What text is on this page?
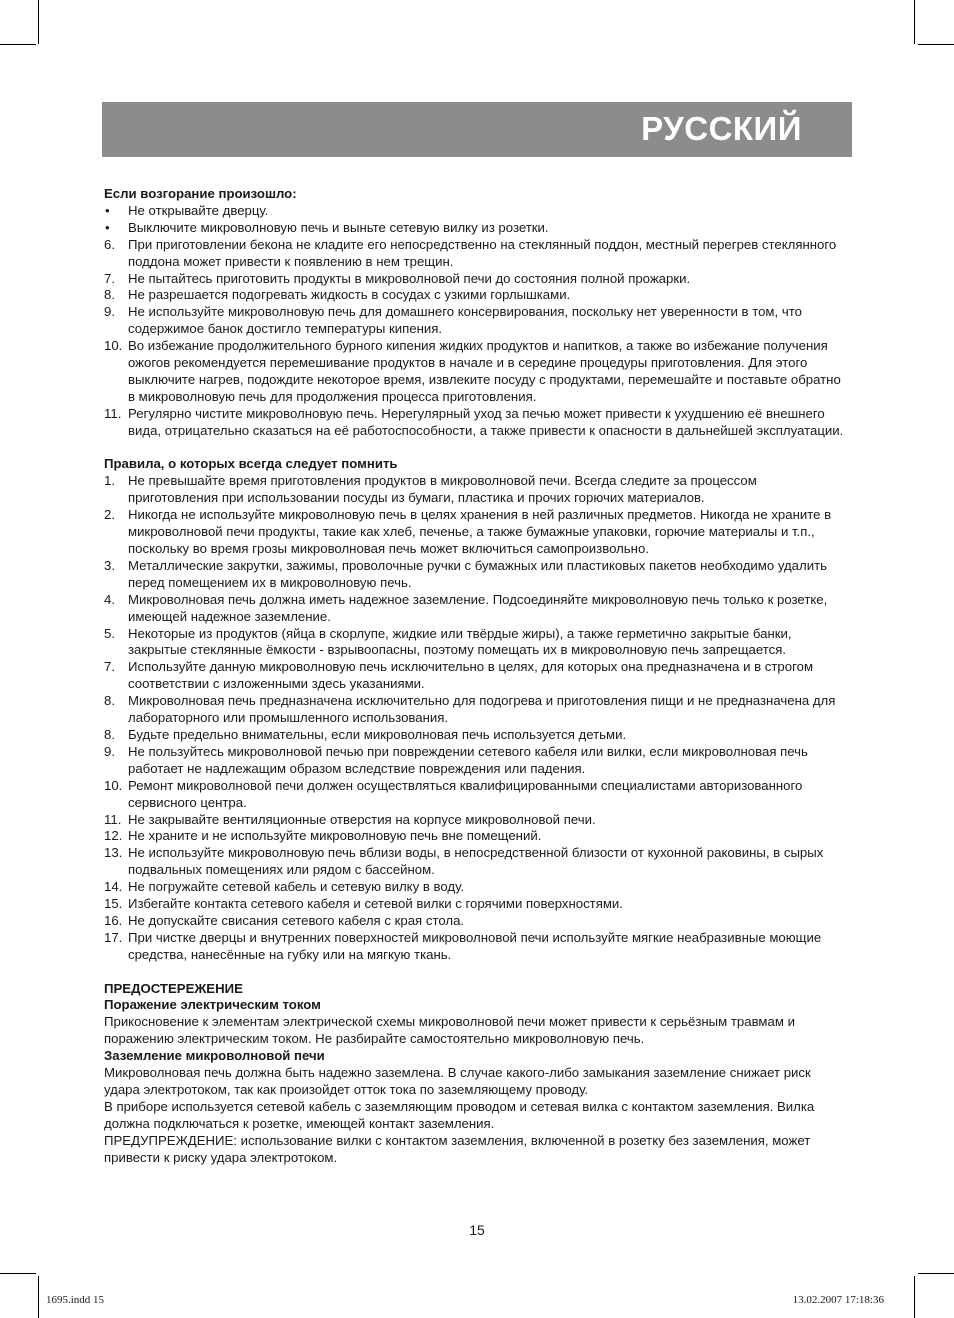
РУССКИЙ
Если возгорание произошло:
• Не открывайте дверцу.
• Выключите микроволновую печь и выньте сетевую вилку из розетки.
6. При приготовлении бекона не кладите его непосредственно на стеклянный поддон, местный перегрев стеклянного поддона может привести к появлению в нем трещин.
7. Не пытайтесь приготовить продукты в микроволновой печи до состояния полной прожарки.
8. Не разрешается подогревать жидкость в сосудах с узкими горлышками.
9. Не используйте микроволновую печь для домашнего консервирования, поскольку нет уверенности в том, что содержимое банок достигло температуры кипения.
10. Во избежание продолжительного бурного кипения жидких продуктов и напитков, а также во избежание получения ожогов рекомендуется перемешивание продуктов в начале и в середине процедуры приготовления. Для этого выключите нагрев, подождите некоторое время, извлеките посуду с продуктами, перемешайте и поставьте обратно в микроволновую печь для продолжения процесса приготовления.
11. Регулярно чистите микроволновую печь. Нерегулярный уход за печью может привести к ухудшению её внешнего вида, отрицательно сказаться на её работоспособности, а также привести к опасности в дальнейшей эксплуатации.
Правила, о которых всегда следует помнить
1. Не превышайте время приготовления продуктов в микроволновой печи. Всегда следите за процессом приготовления при использовании посуды из бумаги, пластика и прочих горючих материалов.
2. Никогда не используйте микроволновую печь в целях хранения в ней различных предметов. Никогда не храните в микроволновой печи продукты, такие как хлеб, печенье, а также бумажные упаковки, горючие материалы и т.п., поскольку во время грозы микроволновая печь может включиться самопроизвольно.
3. Металлические закрутки, зажимы, проволочные ручки с бумажных или пластиковых пакетов необходимо удалить перед помещением их в микроволновую печь.
4. Микроволновая печь должна иметь надежное заземление. Подсоединяйте микроволновую печь только к розетке, имеющей надежное заземление.
5. Некоторые из продуктов (яйца в скорлупе, жидкие или твёрдые жиры), а также герметично закрытые банки, закрытые стеклянные ёмкости - взрывоопасны, поэтому помещать их в микроволновую печь запрещается.
7. Используйте данную микроволновую печь исключительно в целях, для которых она предназначена и в строгом соответствии с изложенными здесь указаниями.
8. Микроволновая печь предназначена исключительно для подогрева и приготовления пищи и не предназначена для лабораторного или промышленного использования.
8. Будьте предельно внимательны, если микроволновая печь используется детьми.
9. Не пользуйтесь микроволновой печью при повреждении сетевого кабеля или вилки, если микроволновая печь работает не надлежащим образом вследствие повреждения или падения.
10. Ремонт микроволновой печи должен осуществляться квалифицированными специалистами авторизованного сервисного центра.
11. Не закрывайте вентиляционные отверстия на корпусе микроволновой печи.
12. Не храните и не используйте микроволновую печь вне помещений.
13. Не используйте микроволновую печь вблизи воды, в непосредственной близости от кухонной раковины, в сырых подвальных помещениях или рядом с бассейном.
14. Не погружайте сетевой кабель и сетевую вилку в воду.
15. Избегайте контакта сетевого кабеля и сетевой вилки с горячими поверхностями.
16. Не допускайте свисания сетевого кабеля с края стола.
17. При чистке дверцы и внутренних поверхностей микроволновой печи используйте мягкие неабразивные моющие средства, нанесённые на губку или на мягкую ткань.
ПРЕДОСТЕРЕЖЕНИЕ
Поражение электрическим током

Прикосновение к элементам электрической схемы микроволновой печи может привести к серьёзным травмам и поражению электрическим током. Не разбирайте самостоятельно микроволновую печь.

Заземление микроволновой печи

Микроволновая печь должна быть надежно заземлена. В случае какого-либо замыкания заземление снижает риск удара электротоком, так как произойдет отток тока по заземляющему проводу.

В приборе используется сетевой кабель с заземляющим проводом и сетевая вилка с контактом заземления. Вилка должна подключаться к розетке, имеющей контакт заземления.

ПРЕДУПРЕЖДЕНИЕ: использование вилки с контактом заземления, включенной в розетку без заземления, может привести к риску удара электротоком.

15
1695.indd 15	13.02.2007 17:18:36
